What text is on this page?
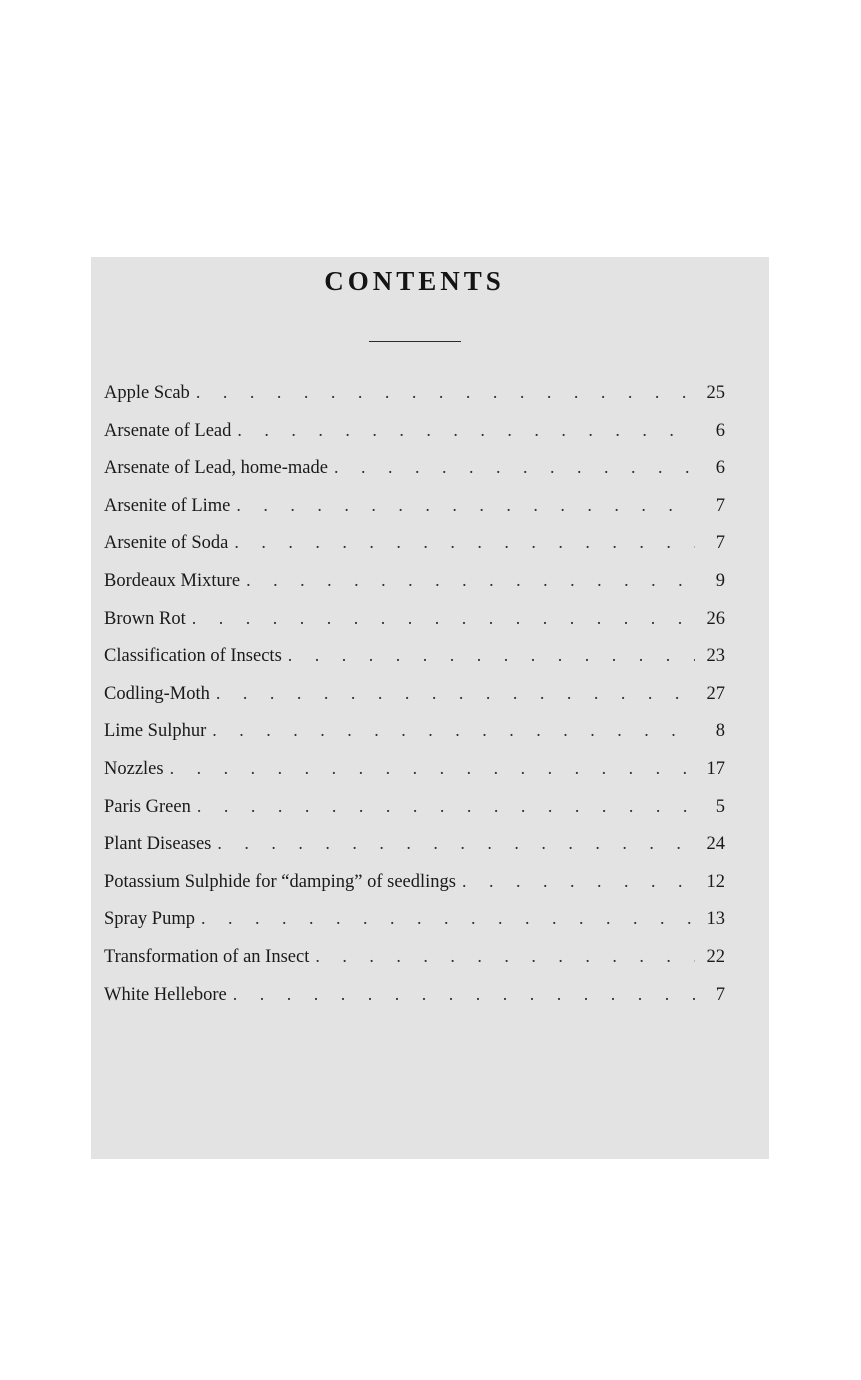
CONTENTS
Apple Scab . . .	25
Arsenate of Lead . . .	6
Arsenate of Lead, home-made . . .	6
Arsenite of Lime . . .	7
Arsenite of Soda . . .	7
Bordeaux Mixture . . .	9
Brown Rot . . .	26
Classification of Insects . . .	23
Codling-Moth . . .	27
Lime Sulphur . . .	8
Nozzles . . .	17
Paris Green . . .	5
Plant Diseases . . .	24
Potassium Sulphide for “damping” of seedlings . . .	12
Spray Pump . . .	13
Transformation of an Insect . . .	22
White Hellebore . . .	7
